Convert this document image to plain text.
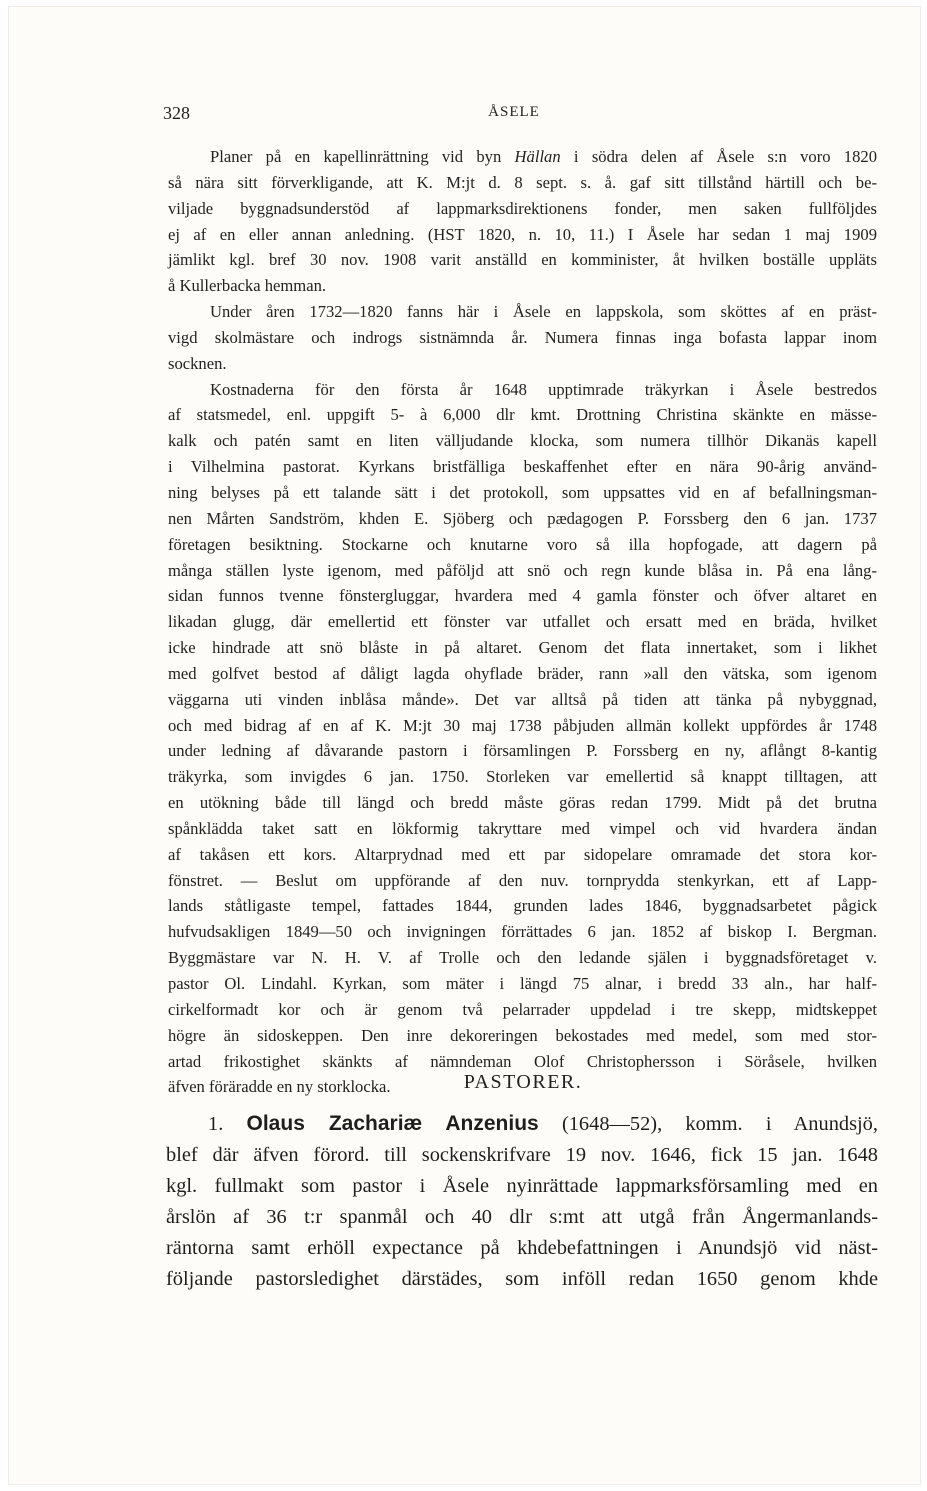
328	ÅSELE

Planer på en kapellinrättning vid byn Hällan i södra delen af Åsele s:n voro 1820
så nära sitt förverkligande, att K. M:jt d. 8 sept. s. å. gaf sitt tillstånd härtill och be-
viljade byggnadsunderstöd af lappmarksdirektionens fonder, men saken fullföljdes
ej af en eller annan anledning. (HST 1820, n. 10, 11.) I Åsele har sedan 1 maj 1909
jämlikt kgl. bref 30 nov. 1908 varit anställd en komminister, åt hvilken boställe uppläts
å Kullerbacka hemman.

Under åren 1732—1820 fanns här i Åsele en lappskola, som sköttes af en präst-
vigd skolmästare och indrogs sistnämnda år. Numera finnas inga bofasta lappar inom
socknen.

Kostnaderna för den första år 1648 upptimrade träkyrkan i Åsele bestredos
af statsmedel, enl. uppgift 5- à 6,000 dlr kmt. Drottning Christina skänkte en mässe-
kalk och patén samt en liten välljudande klocka, som numera tillhör Dikanäs kapell
i Vilhelmina pastorat. Kyrkans bristfälliga beskaffenhet efter en nära 90-årig använd-
ning belyses på ett talande sätt i det protokoll, som uppsattes vid en af befallningsman-
nen Mårten Sandström, khden E. Sjöberg och pædagogen P. Forssberg den 6 jan. 1737
företagen besiktning. Stockarne och knutarne voro så illa hopfogade, att dagern på
många ställen lyste igenom, med påföljd att snö och regn kunde blåsa in. På ena lång-
sidan funnos tvenne fönstergluggar, hvardera med 4 gamla fönster och öfver altaret en
likadan glugg, där emellertid ett fönster var utfallet och ersatt med en bräda, hvilket
icke hindrade att snö blåste in på altaret. Genom det flata innertaket, som i likhet
med golfvet bestod af dåligt lagda ohyflade bräder, rann »all den vätska, som igenom
väggarna uti vinden inblåsa månde». Det var alltså på tiden att tänka på nybyggnad,
och med bidrag af en af K. M:jt 30 maj 1738 påbjuden allmän kollekt uppfördes år 1748
under ledning af dåvarande pastorn i församlingen P. Forssberg en ny, aflångt 8-kantig
träkyrka, som invigdes 6 jan. 1750. Storleken var emellertid så knappt tilltagen, att
en utökning både till längd och bredd måste göras redan 1799. Midt på det brutna
spånklädda taket satt en lökformig takryttare med vimpel och vid hvardera ändan
af takåsen ett kors. Altarprydnad med ett par sidopelare omramade det stora kor-
fönstret. — Beslut om uppförande af den nuv. tornprydda stenkyrkan, ett af Lapp-
lands ståtligaste tempel, fattades 1844, grunden lades 1846, byggnadsarbetet pågick
hufvudsakligen 1849—50 och invigningen förrättades 6 jan. 1852 af biskop I. Bergman.
Byggmästare var N. H. V. af Trolle och den ledande själen i byggnadsföretaget v.
pastor Ol. Lindahl. Kyrkan, som mäter i längd 75 alnar, i bredd 33 aln., har half-
cirkelformadt kor och är genom två pelarrader uppdelad i tre skepp, midtskeppet
högre än sidoskeppen. Den inre dekoreringen bekostades med medel, som med stor-
artad frikostighet skänkts af nämndeman Olof Christophersson i Söråsele, hvilken
äfven föräradde en ny storklocka.	PASTORER.
1. Olaus Zachariæ Anzenius (1648—52), komm. i Anundsjö,
blef där äfven förord. till sockenskrifvare 19 nov. 1646, fick 15 jan. 1648
kgl. fullmakt som pastor i Åsele nyinrättade lappmarksförsamling med en
årslön af 36 t:r spanmål och 40 dlr s:mt att utgå från Ångermanlands-
räntorna samt erhöll expectance på khdebefattningen i Anundsjö vid näst-
följande pastorsledighet därstädes, som inföll redan 1650 genom khde
